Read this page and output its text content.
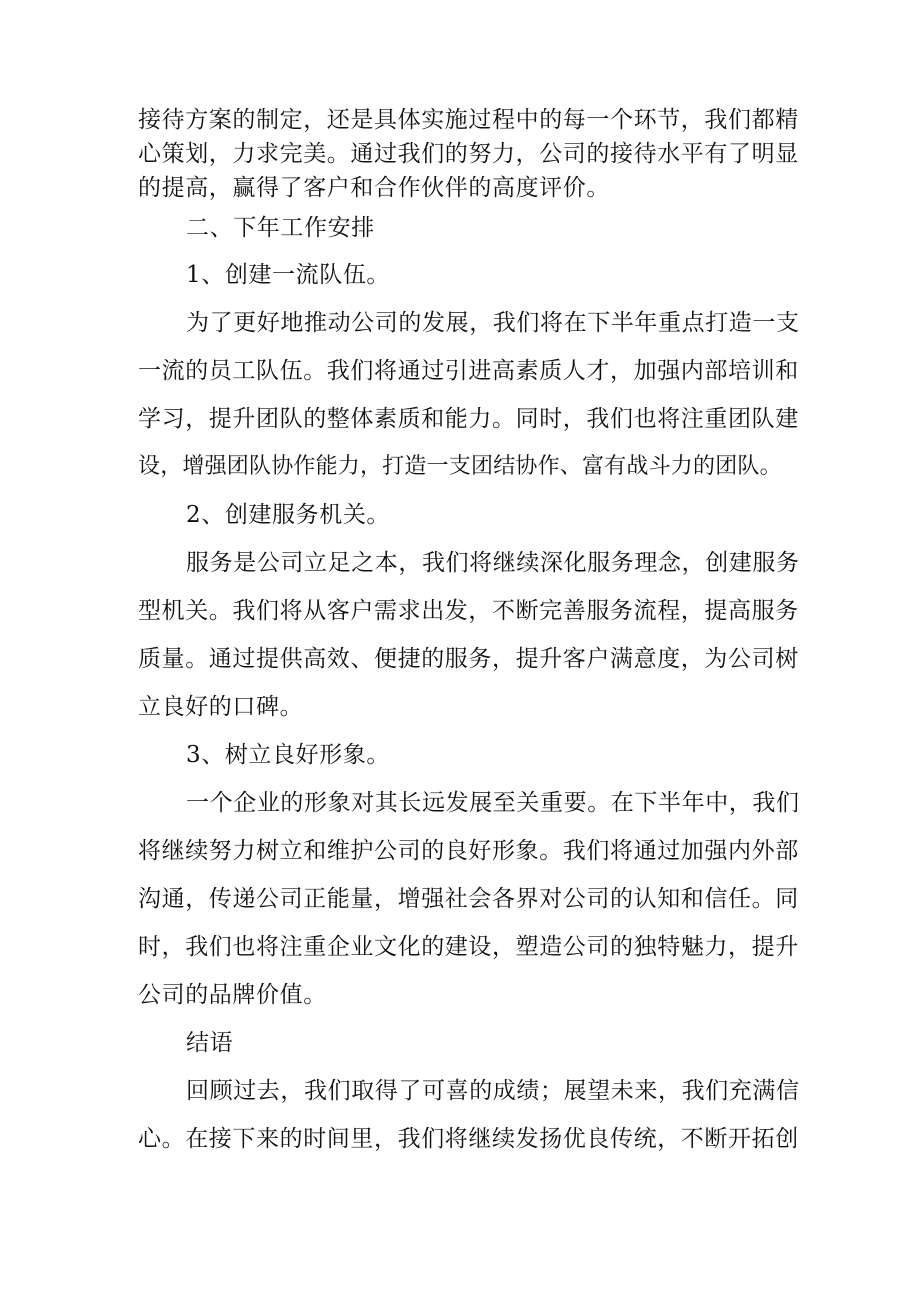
接待方案的制定，还是具体实施过程中的每一个环节，我们都精
心策划，力求完美。通过我们的努力，公司的接待水平有了明显
的提高，赢得了客户和合作伙伴的高度评价。
二、下年工作安排
1、创建一流队伍。
为了更好地推动公司的发展，我们将在下半年重点打造一支
一流的员工队伍。我们将通过引进高素质人才，加强内部培训和
学习，提升团队的整体素质和能力。同时，我们也将注重团队建
设，增强团队协作能力，打造一支团结协作、富有战斗力的团队。
2、创建服务机关。
服务是公司立足之本，我们将继续深化服务理念，创建服务
型机关。我们将从客户需求出发，不断完善服务流程，提高服务
质量。通过提供高效、便捷的服务，提升客户满意度，为公司树
立良好的口碑。
3、树立良好形象。
一个企业的形象对其长远发展至关重要。在下半年中，我们
将继续努力树立和维护公司的良好形象。我们将通过加强内外部
沟通，传递公司正能量，增强社会各界对公司的认知和信任。同
时，我们也将注重企业文化的建设，塑造公司的独特魅力，提升
公司的品牌价值。
结语
回顾过去，我们取得了可喜的成绩；展望未来，我们充满信
心。在接下来的时间里，我们将继续发扬优良传统，不断开拓创
